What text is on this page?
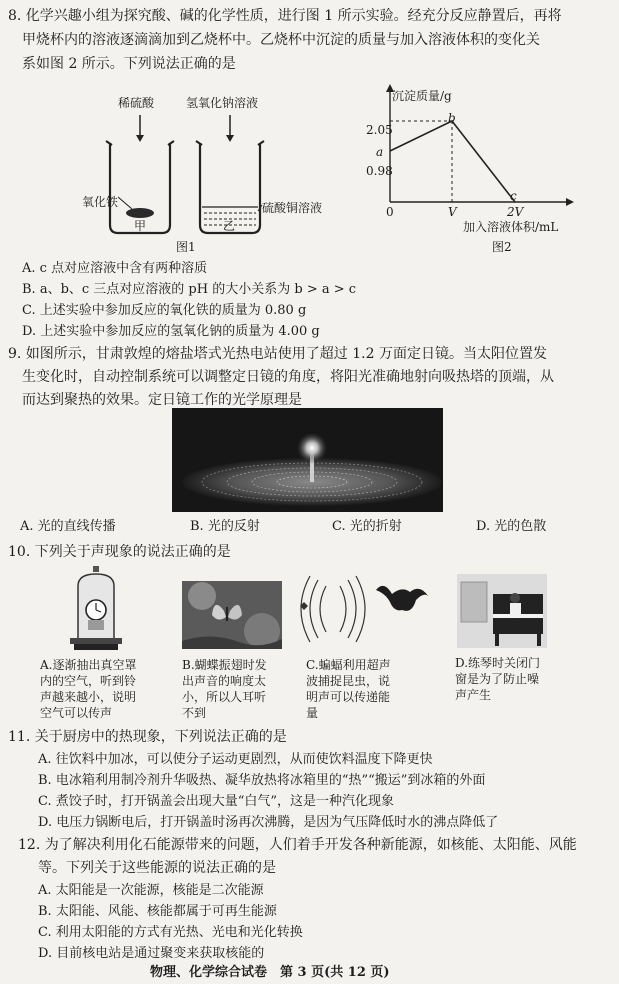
8. 化学兴趣小组为探究酸、碱的化学性质，进行图 1 所示实验。经充分反应静置后，再将
甲烧杯内的溶液逐滴滴加到乙烧杯中。乙烧杯中沉淀的质量与加入溶液体积的变化关
系如图 2 所示。下列说法正确的是
稀硫酸	氢氧化钠溶液
氧化铁	硫酸铜溶液
甲	乙
图1
沉淀质量/g
2.05
0.98
a
b
c
0	V	2V
加入溶液体积/mL
图2
A. c 点对应溶液中含有两种溶质
B. a、b、c 三点对应溶液的 pH 的大小关系为 b > a > c
C. 上述实验中参加反应的氧化铁的质量为 0.80 g
D. 上述实验中参加反应的氢氧化钠的质量为 4.00 g
9. 如图所示，甘肃敦煌的熔盐塔式光热电站使用了超过 1.2 万面定日镜。当太阳位置发
生变化时，自动控制系统可以调整定日镜的角度，将阳光准确地射向吸热塔的顶端，从
而达到聚热的效果。定日镜工作的光学原理是
A. 光的直线传播	B. 光的反射	C. 光的折射	D. 光的色散
10. 下列关于声现象的说法正确的是
A.逐渐抽出真空罩
内的空气，听到铃
声越来越小，说明
空气可以传声
B.蝴蝶振翅时发
出声音的响度太
小，所以人耳听
不到
C.蝙蝠利用超声
波捕捉昆虫，说
明声可以传递能
量
D.练琴时关闭门
窗是为了防止噪
声产生
11. 关于厨房中的热现象，下列说法正确的是
A. 往饮料中加冰，可以使分子运动更剧烈，从而使饮料温度下降更快
B. 电冰箱利用制冷剂升华吸热、凝华放热将冰箱里的“热”“搬运”到冰箱的外面
C. 煮饺子时，打开锅盖会出现大量“白气”，这是一种汽化现象
D. 电压力锅断电后，打开锅盖时汤再次沸腾，是因为气压降低时水的沸点降低了
12. 为了解决利用化石能源带来的问题，人们着手开发各种新能源，如核能、太阳能、风能
等。下列关于这些能源的说法正确的是
A. 太阳能是一次能源，核能是二次能源
B. 太阳能、风能、核能都属于可再生能源
C. 利用太阳能的方式有光热、光电和光化转换
D. 目前核电站是通过聚变来获取核能的
物理、化学综合试卷　第 3 页(共 12 页)
